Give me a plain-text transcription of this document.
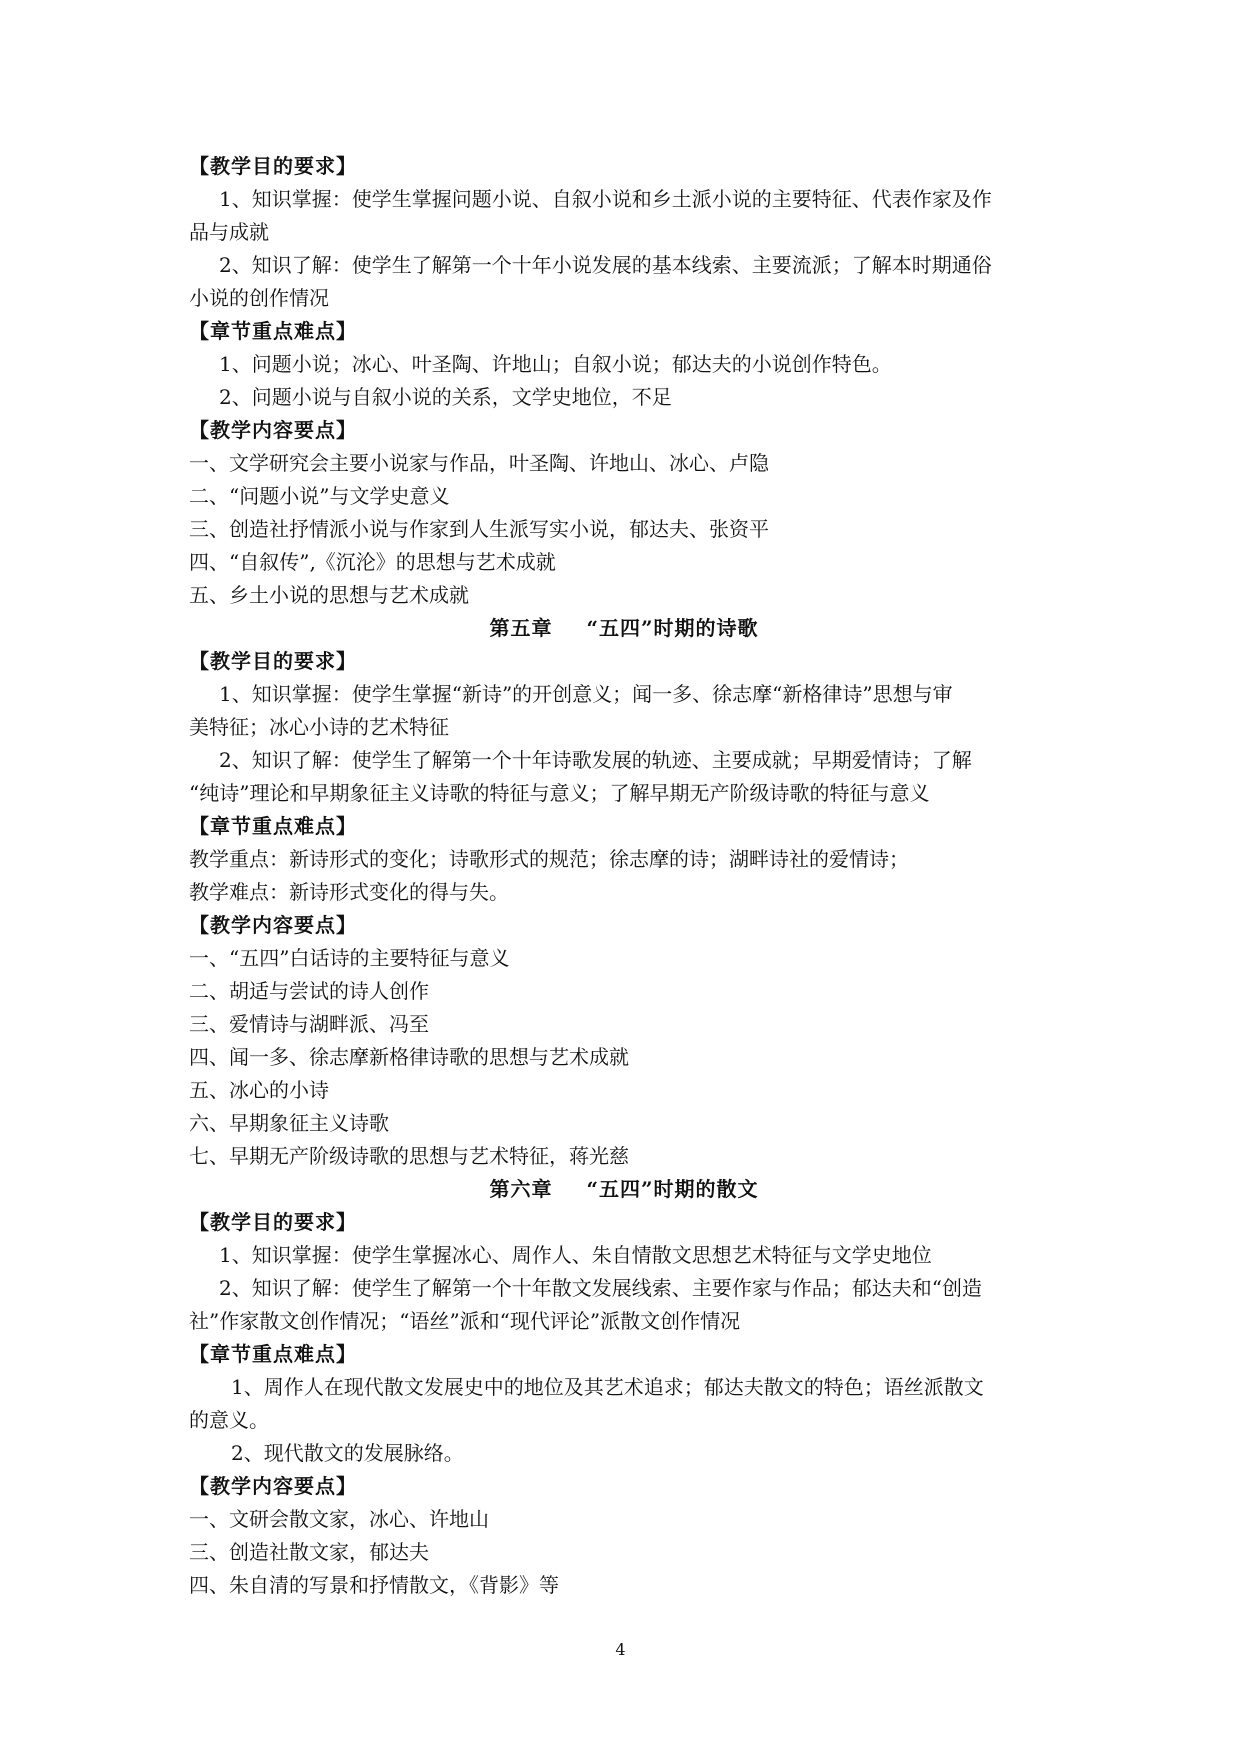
【教学目的要求】
1、知识掌握：使学生掌握问题小说、自叙小说和乡土派小说的主要特征、代表作家及作
品与成就
2、知识了解：使学生了解第一个十年小说发展的基本线索、主要流派；了解本时期通俗
小说的创作情况
【章节重点难点】
1、问题小说；冰心、叶圣陶、许地山；自叙小说；郁达夫的小说创作特色。
2、问题小说与自叙小说的关系，文学史地位，不足
【教学内容要点】
一、文学研究会主要小说家与作品，叶圣陶、许地山、冰心、卢隐
二、“问题小说”与文学史意义
三、创造社抒情派小说与作家到人生派写实小说，郁达夫、张资平
四、“自叙传”,《沉沦》的思想与艺术成就
五、乡土小说的思想与艺术成就
第五章 “五四”时期的诗歌
【教学目的要求】
1、知识掌握：使学生掌握“新诗”的开创意义；闻一多、徐志摩“新格律诗”思想与审
美特征；冰心小诗的艺术特征
2、知识了解：使学生了解第一个十年诗歌发展的轨迹、主要成就；早期爱情诗；了解
“纯诗”理论和早期象征主义诗歌的特征与意义；了解早期无产阶级诗歌的特征与意义
【章节重点难点】
教学重点：新诗形式的变化；诗歌形式的规范；徐志摩的诗；湖畔诗社的爱情诗；
教学难点：新诗形式变化的得与失。
【教学内容要点】
一、“五四”白话诗的主要特征与意义
二、胡适与尝试的诗人创作
三、爱情诗与湖畔派、冯至
四、闻一多、徐志摩新格律诗歌的思想与艺术成就
五、冰心的小诗
六、早期象征主义诗歌
七、早期无产阶级诗歌的思想与艺术特征，蒋光慈
第六章 “五四”时期的散文
【教学目的要求】
1、知识掌握：使学生掌握冰心、周作人、朱自情散文思想艺术特征与文学史地位
2、知识了解：使学生了解第一个十年散文发展线索、主要作家与作品；郁达夫和“创造
社”作家散文创作情况；“语丝”派和“现代评论”派散文创作情况
【章节重点难点】
1、周作人在现代散文发展史中的地位及其艺术追求；郁达夫散文的特色；语丝派散文
的意义。
2、现代散文的发展脉络。
【教学内容要点】
一、文研会散文家，冰心、许地山
三、创造社散文家，郁达夫
四、朱自清的写景和抒情散文，《背影》等
4
